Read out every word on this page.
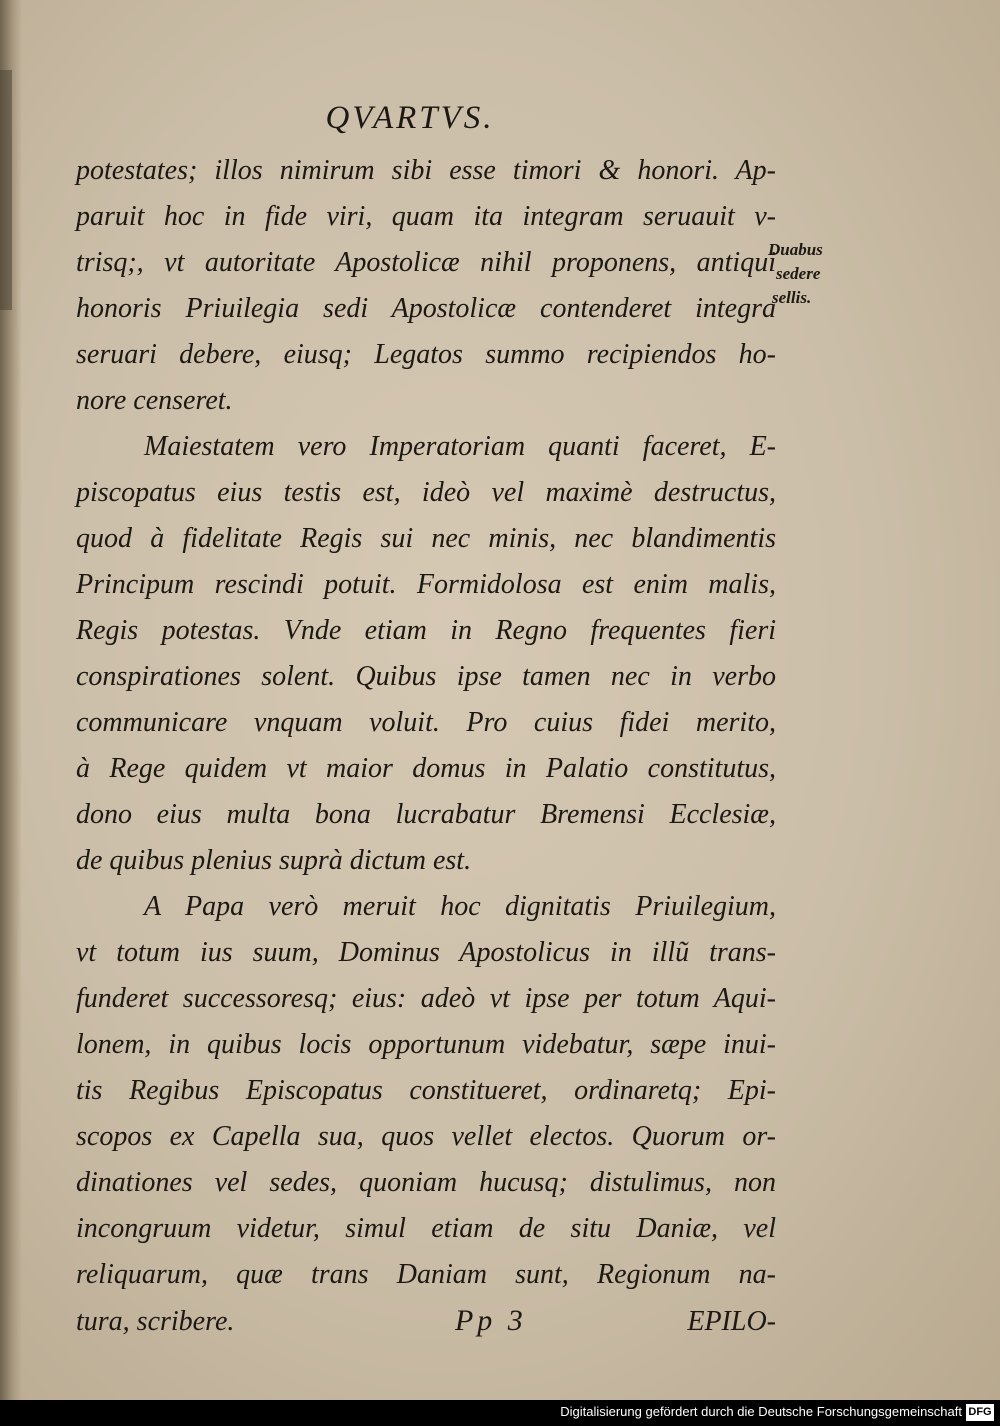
QVARTVS.
potestates; illos nimirum sibi esse timori & honori. Ap-
paruit hoc in fide viri, quam ita integram seruauit v-
trisq;, vt autoritate Apostolicæ nihil proponens, antiqui
honoris Priuilegia sedi Apostolicæ contenderet integra
seruari debere, eiusq; Legatos summo recipiendos ho-
nore censeret.
Maiestatem vero Imperatoriam quanti faceret, E-
piscopatus eius testis est, ideò vel maximè destructus,
quod à fidelitate Regis sui nec minis, nec blandimentis
Principum rescindi potuit. Formidolosa est enim malis,
Regis potestas. Vnde etiam in Regno frequentes fieri
conspirationes solent. Quibus ipse tamen nec in verbo
communicare vnquam voluit. Pro cuius fidei merito,
à Rege quidem vt maior domus in Palatio constitutus,
dono eius multa bona lucrabatur Bremensi Ecclesiæ,
de quibus plenius suprà dictum est.
A Papa verò meruit hoc dignitatis Priuilegium,
vt totum ius suum, Dominus Apostolicus in illũ trans-
funderet successoresq; eius: adeò vt ipse per totum Aqui-
lonem, in quibus locis opportunum videbatur, sæpe inui-
tis Regibus Episcopatus constitueret, ordinaretq; Epi-
scopos ex Capella sua, quos vellet electos. Quorum or-
dinationes vel sedes, quoniam hucusq; distulimus, non
incongruum videtur, simul etiam de situ Daniæ, vel
reliquarum, quæ trans Daniam sunt, Regionum na-
tura, scribere.	Pp 3	EPILO-
Duabus
sedere
sellis.
Digitalisierung gefördert durch die Deutsche Forschungsgemeinschaft DFG
